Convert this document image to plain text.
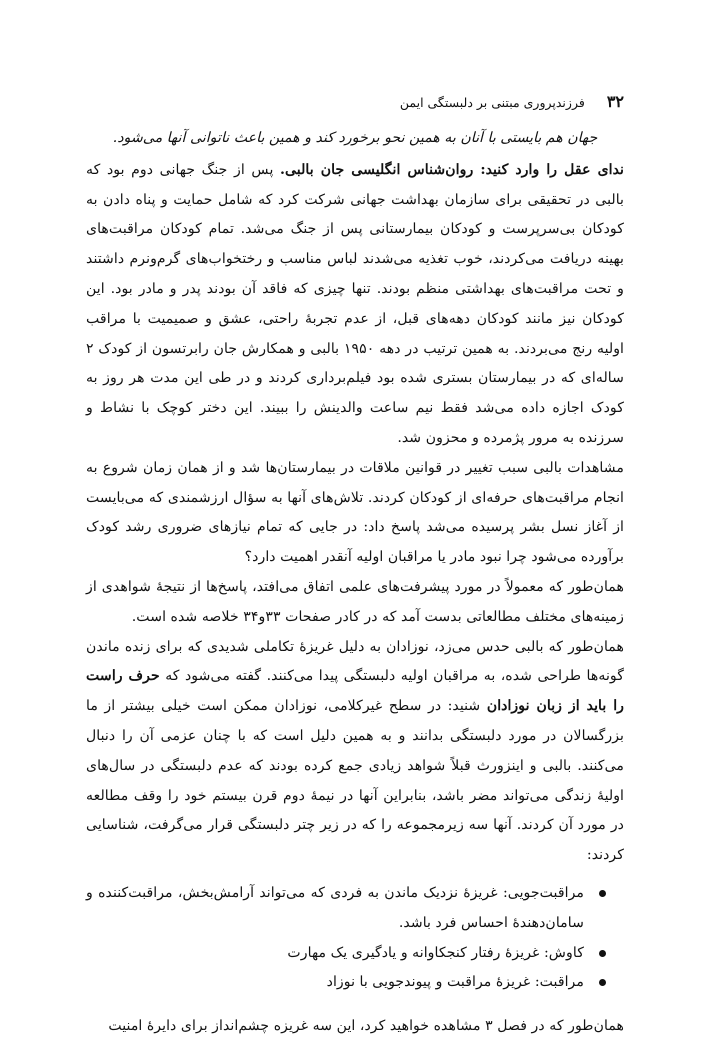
۳۲
فرزندپروری مبتنی بر دلبستگی ایمن

جهان هم بایستی با آنان به همین نحو برخورد کند و همین باعث ناتوانی آنها می‌شود.

ندای عقل را وارد کنید: روان‌شناس انگلیسی جان بالبی. پس از جنگ جهانی دوم بود که بالبی در تحقیقی برای سازمان بهداشت جهانی شرکت کرد که شامل حمایت و پناه دادن به کودکان بی‌سرپرست و کودکان بیمارستانی پس از جنگ می‌شد. تمام کودکان مراقبت‌های بهینه دریافت می‌کردند، خوب تغذیه می‌شدند لباس مناسب و رختخواب‌های گرم‌ونرم داشتند و تحت مراقبت‌های بهداشتی منظم بودند. تنها چیزی که فاقد آن بودند پدر و مادر بود. این کودکان نیز مانند کودکان دهه‌های قبل، از عدم تجربهٔ راحتی، عشق و صمیمیت با مراقب اولیه رنج می‌بردند. به همین ترتیب در دهه ۱۹۵۰ بالبی و همکارش جان رابرتسون از کودک ۲ ساله‌ای که در بیمارستان بستری شده بود فیلم‌برداری کردند و در طی این مدت هر روز به کودک اجازه داده می‌شد فقط نیم ساعت والدینش را ببیند. این دختر کوچک با نشاط و سرزنده به مرور پژمرده و محزون شد.

مشاهدات بالبی سبب تغییر در قوانین ملاقات در بیمارستان‌ها شد و از همان زمان شروع به انجام مراقبت‌های حرفه‌ای از کودکان کردند. تلاش‌های آنها به سؤال ارزشمندی که می‌بایست از آغاز نسل بشر پرسیده می‌شد پاسخ داد: در جایی که تمام نیازهای ضروری رشد کودک برآورده می‌شود چرا نبود مادر یا مراقبان اولیه آنقدر اهمیت دارد؟

همان‌طور که معمولاً در مورد پیشرفت‌های علمی اتفاق می‌افتد، پاسخ‌ها از نتیجهٔ شواهدی از زمینه‌های مختلف مطالعاتی بدست آمد که در کادر صفحات ۳۳و۳۴ خلاصه شده است.

همان‌طور که بالبی حدس می‌زد، نوزادان به دلیل غریزهٔ تکاملی شدیدی که برای زنده ماندن گونه‌ها طراحی شده، به مراقبان اولیه دلبستگی پیدا می‌کنند. گفته می‌شود که حرف راست را باید از زبان نوزادان شنید: در سطح غیرکلامی، نوزادان ممکن است خیلی بیشتر از ما بزرگسالان در مورد دلبستگی بدانند و به همین دلیل است که با چنان عزمی آن را دنبال می‌کنند. بالبی و اینزورث قبلاً شواهد زیادی جمع کرده بودند که عدم دلبستگی در سال‌های اولیهٔ زندگی می‌تواند مضر باشد، بنابراین آنها در نیمهٔ دوم قرن بیستم خود را وقف مطالعه در مورد آن کردند. آنها سه زیرمجموعه را که در زیر چتر دلبستگی قرار می‌گرفت، شناسایی کردند:

مراقبت‌جویی: غریزهٔ نزدیک ماندن به فردی که می‌تواند آرامش‌بخش، مراقبت‌کننده و سامان‌دهندهٔ احساس فرد باشد.
کاوش: غریزهٔ رفتار کنجکاوانه و یادگیری یک مهارت
مراقبت: غریزهٔ مراقبت و پیوندجویی با نوزاد

همان‌طور که در فصل ۳ مشاهده خواهید کرد، این سه غریزه چشم‌انداز برای دایرهٔ امنیت
